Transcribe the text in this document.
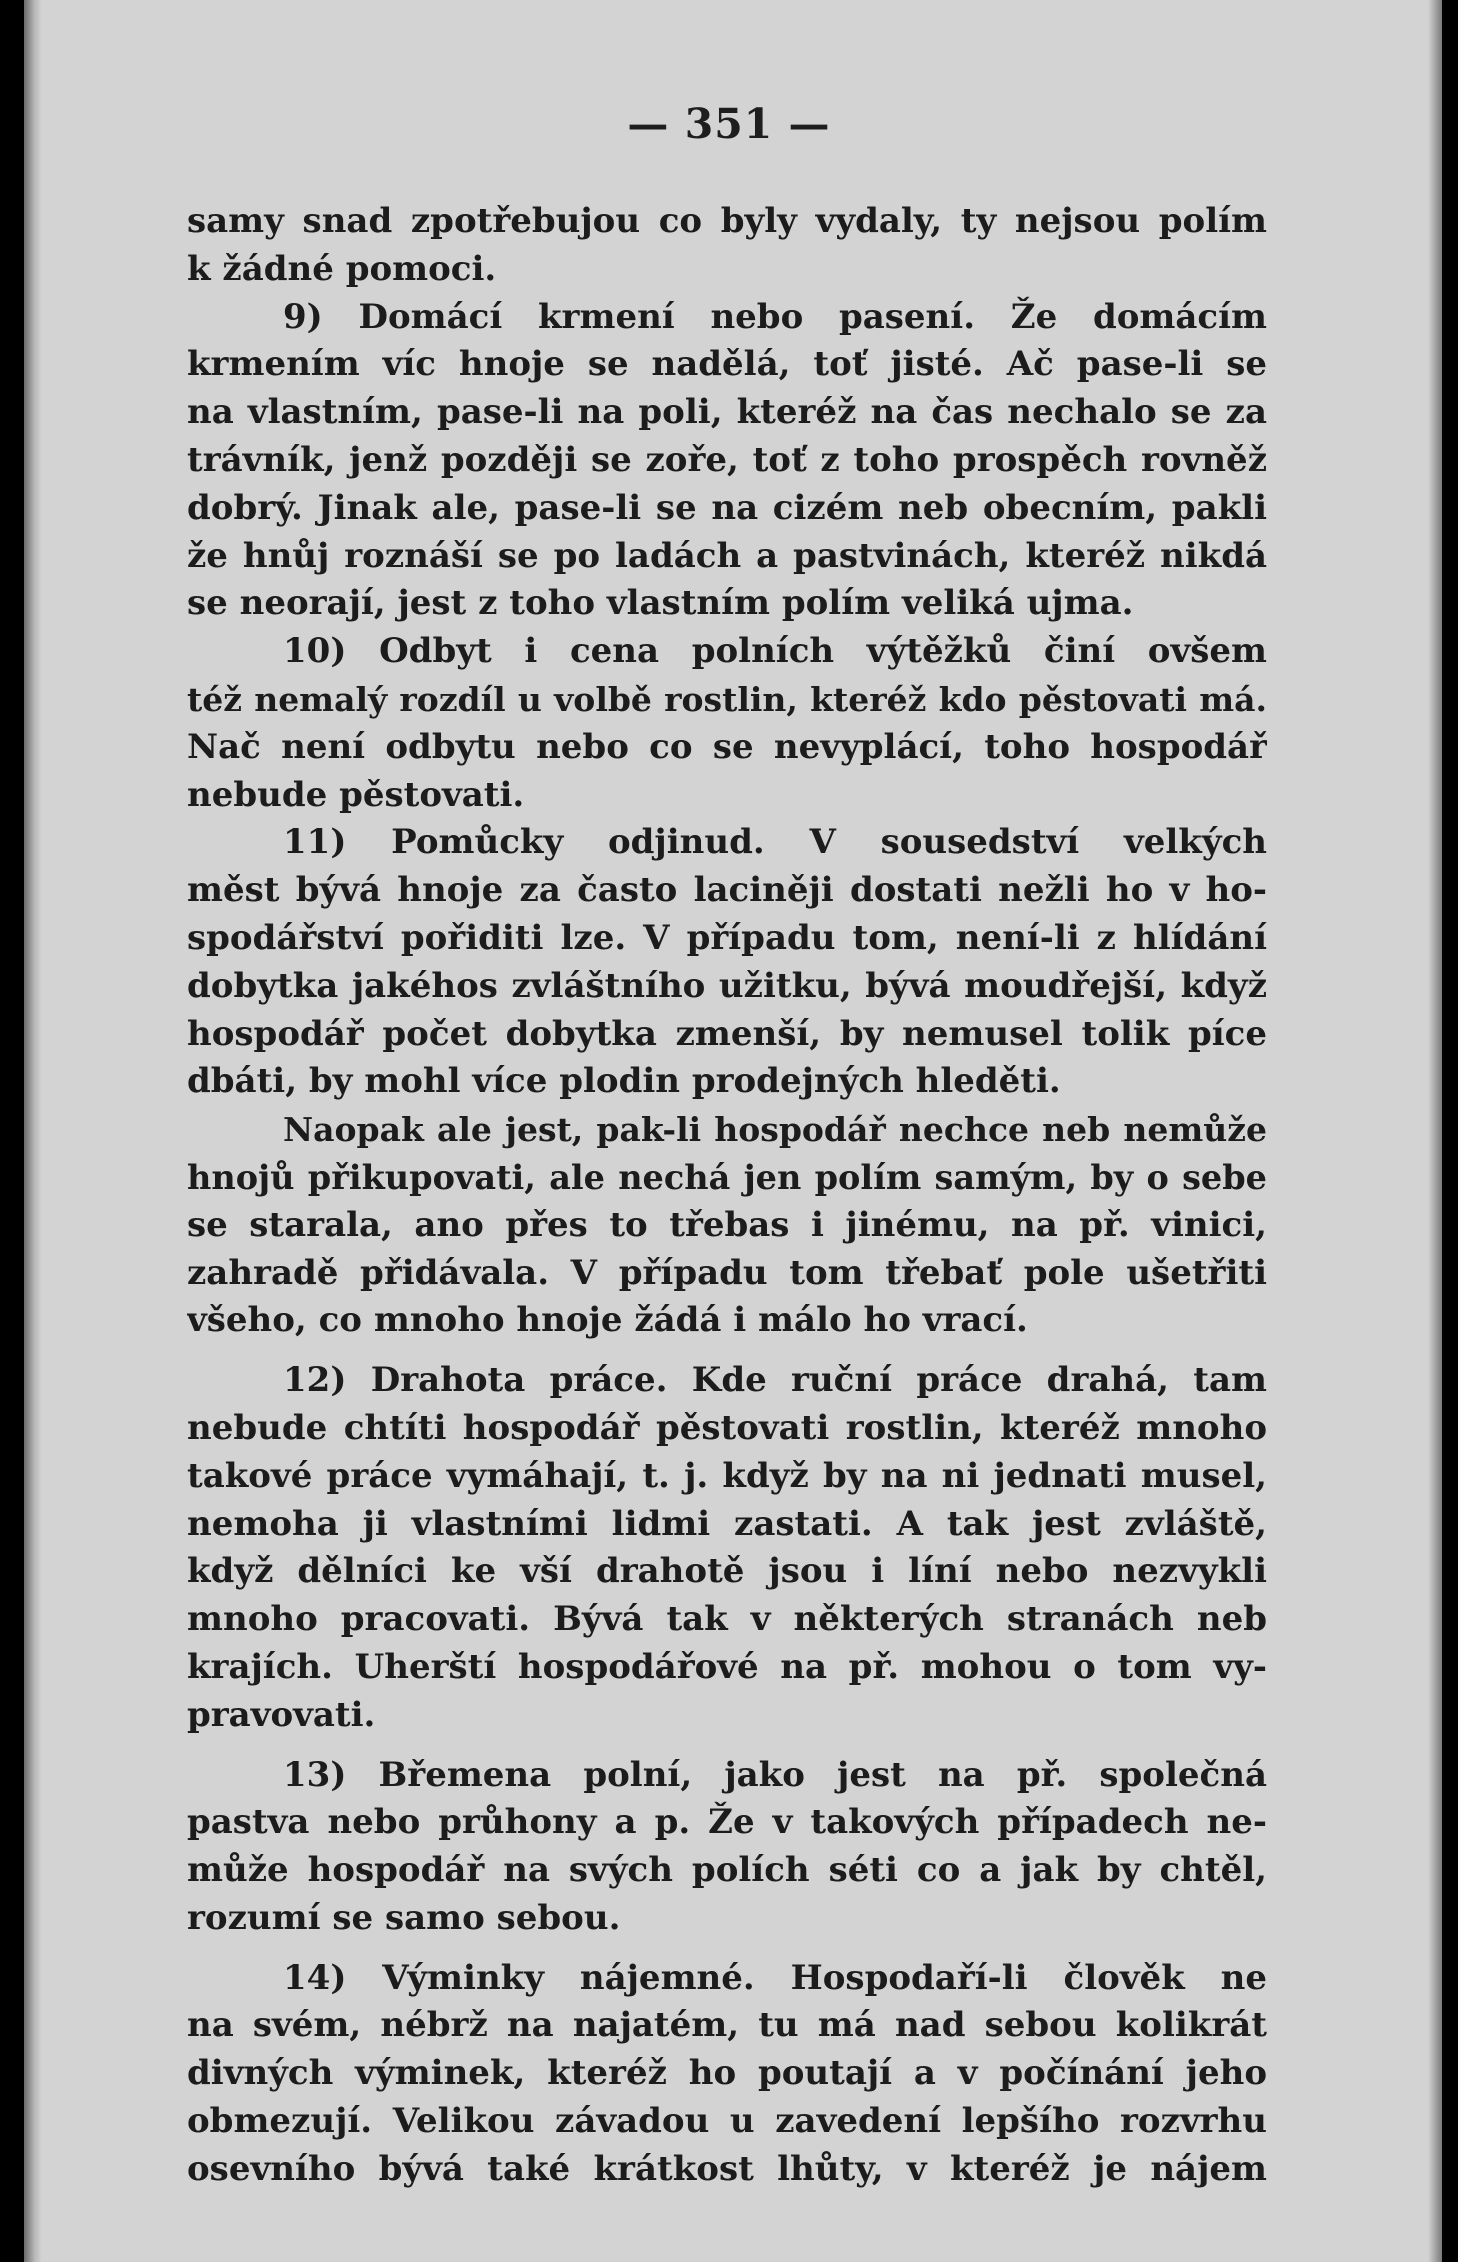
— 351 —
samy snad zpotřebujou co byly vydaly, ty nejsou polím
k žádné pomoci.
9) Domácí krmení nebo pasení. Že domácím
krmením víc hnoje se nadělá, toť jisté. Ač pase-li se
na vlastním, pase-li na poli, kteréž na čas nechalo se za
trávník, jenž později se zoře, toť z toho prospěch rovněž
dobrý. Jinak ale, pase-li se na cizém neb obecním, pakli
že hnůj roznáší se po ladách a pastvinách, kteréž nikdá
se neorají, jest z toho vlastním polím veliká ujma.
10) Odbyt i cena polních výtěžků činí ovšem
též nemalý rozdíl u volbě rostlin, kteréž kdo pěstovati má.
Nač není odbytu nebo co se nevyplácí, toho hospodář
nebude pěstovati.
11) Pomůcky odjinud. V sousedství velkých
měst bývá hnoje za často laciněji dostati nežli ho v ho-
spodářství pořiditi lze. V případu tom, není-li z hlídání
dobytka jakéhos zvláštního užitku, bývá moudřejší, když
hospodář počet dobytka zmenší, by nemusel tolik píce
dbáti, by mohl více plodin prodejných hleděti.
Naopak ale jest, pak-li hospodář nechce neb nemůže
hnojů přikupovati, ale nechá jen polím samým, by o sebe
se starala, ano přes to třebas i jinému, na př. vinici,
zahradě přidávala. V případu tom třebať pole ušetřiti
všeho, co mnoho hnoje žádá i málo ho vrací.
12) Drahota práce. Kde ruční práce drahá, tam
nebude chtíti hospodář pěstovati rostlin, kteréž mnoho
takové práce vymáhají, t. j. když by na ni jednati musel,
nemoha ji vlastními lidmi zastati. A tak jest zvláště,
když dělníci ke vší drahotě jsou i líní nebo nezvykli
mnoho pracovati. Bývá tak v některých stranách neb
krajích. Uherští hospodářové na př. mohou o tom vy-
pravovati.
13) Břemena polní, jako jest na př. společná
pastva nebo průhony a p. Že v takových případech ne-
může hospodář na svých polích séti co a jak by chtěl,
rozumí se samo sebou.
14) Výminky nájemné. Hospodaří-li člověk ne
na svém, nébrž na najatém, tu má nad sebou kolikrát
divných výminek, kteréž ho poutají a v počínání jeho
obmezují. Velikou závadou u zavedení lepšího rozvrhu
osevního bývá také krátkost lhůty, v kteréž je nájem
